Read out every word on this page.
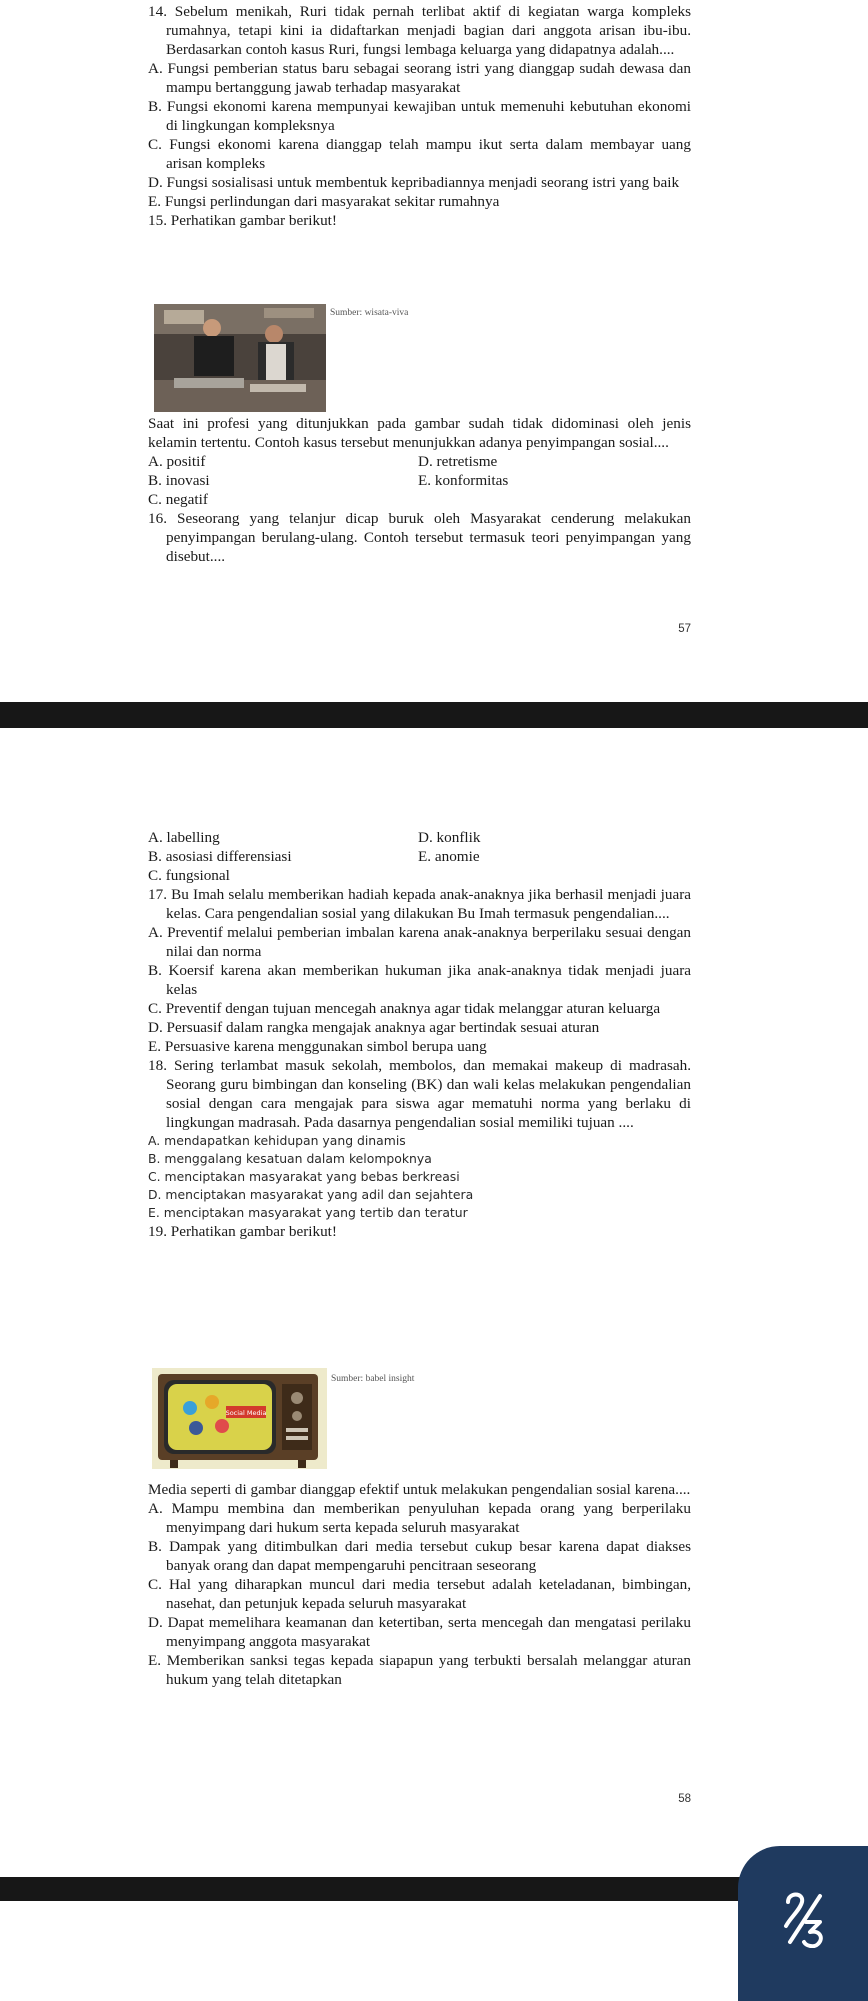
14. Sebelum menikah, Ruri tidak pernah terlibat aktif di kegiatan warga kompleks rumahnya, tetapi kini ia didaftarkan menjadi bagian dari anggota arisan ibu-ibu. Berdasarkan contoh kasus Ruri, fungsi lembaga keluarga yang didapatnya adalah....

A. Fungsi pemberian status baru sebagai seorang istri yang dianggap sudah dewasa dan mampu bertanggung jawab terhadap masyarakat

B. Fungsi ekonomi karena mempunyai kewajiban untuk memenuhi kebutuhan ekonomi di lingkungan kompleksnya

C. Fungsi ekonomi karena dianggap telah mampu ikut serta dalam membayar uang arisan kompleks

D. Fungsi sosialisasi untuk membentuk kepribadiannya menjadi seorang istri yang baik

E. Fungsi perlindungan dari masyarakat sekitar rumahnya

15. Perhatikan gambar berikut!

Sumber: wisata-viva

Saat ini profesi yang ditunjukkan pada gambar sudah tidak didominasi oleh jenis kelamin tertentu. Contoh kasus tersebut menunjukkan adanya penyimpangan sosial....

A. positif	D. retretisme
B. inovasi	E. konformitas
C. negatif

16. Seseorang yang telanjur dicap buruk oleh Masyarakat cenderung melakukan penyimpangan berulang-ulang. Contoh tersebut termasuk teori penyimpangan yang disebut....

57
A. labelling	D. konflik
B. asosiasi differensiasi	E. anomie
C. fungsional

17. Bu Imah selalu memberikan hadiah kepada anak-anaknya jika berhasil menjadi juara kelas. Cara pengendalian sosial yang dilakukan Bu Imah termasuk pengendalian....

A. Preventif melalui pemberian imbalan karena anak-anaknya berperilaku sesuai dengan nilai dan norma

B. Koersif karena akan memberikan hukuman jika anak-anaknya tidak menjadi juara kelas

C. Preventif dengan tujuan mencegah anaknya agar tidak melanggar aturan keluarga

D. Persuasif dalam rangka mengajak anaknya agar bertindak sesuai aturan

E. Persuasive karena menggunakan simbol berupa uang

18. Sering terlambat masuk sekolah, membolos, dan memakai makeup di madrasah. Seorang guru bimbingan dan konseling (BK) dan wali kelas melakukan pengendalian sosial dengan cara mengajak para siswa agar mematuhi norma yang berlaku di lingkungan madrasah. Pada dasarnya pengendalian sosial memiliki tujuan ....

A. mendapatkan kehidupan yang dinamis

B. menggalang kesatuan dalam kelompoknya

C. menciptakan masyarakat yang bebas berkreasi

D. menciptakan masyarakat yang adil dan sejahtera

E. menciptakan masyarakat yang tertib dan teratur

19. Perhatikan gambar berikut!

Social Media
Sumber: babel insight

Media seperti di gambar dianggap efektif untuk melakukan pengendalian sosial karena....

A. Mampu membina dan memberikan penyuluhan kepada orang yang berperilaku menyimpang dari hukum serta kepada seluruh masyarakat

B. Dampak yang ditimbulkan dari media tersebut cukup besar karena dapat diakses banyak orang dan dapat mempengaruhi pencitraan seseorang

C. Hal yang diharapkan muncul dari media tersebut adalah keteladanan, bimbingan, nasehat, dan petunjuk kepada seluruh masyarakat

D. Dapat memelihara keamanan dan ketertiban, serta mencegah dan mengatasi perilaku menyimpang anggota masyarakat

E. Memberikan sanksi tegas kepada siapapun yang terbukti bersalah melanggar aturan hukum yang telah ditetapkan

58
